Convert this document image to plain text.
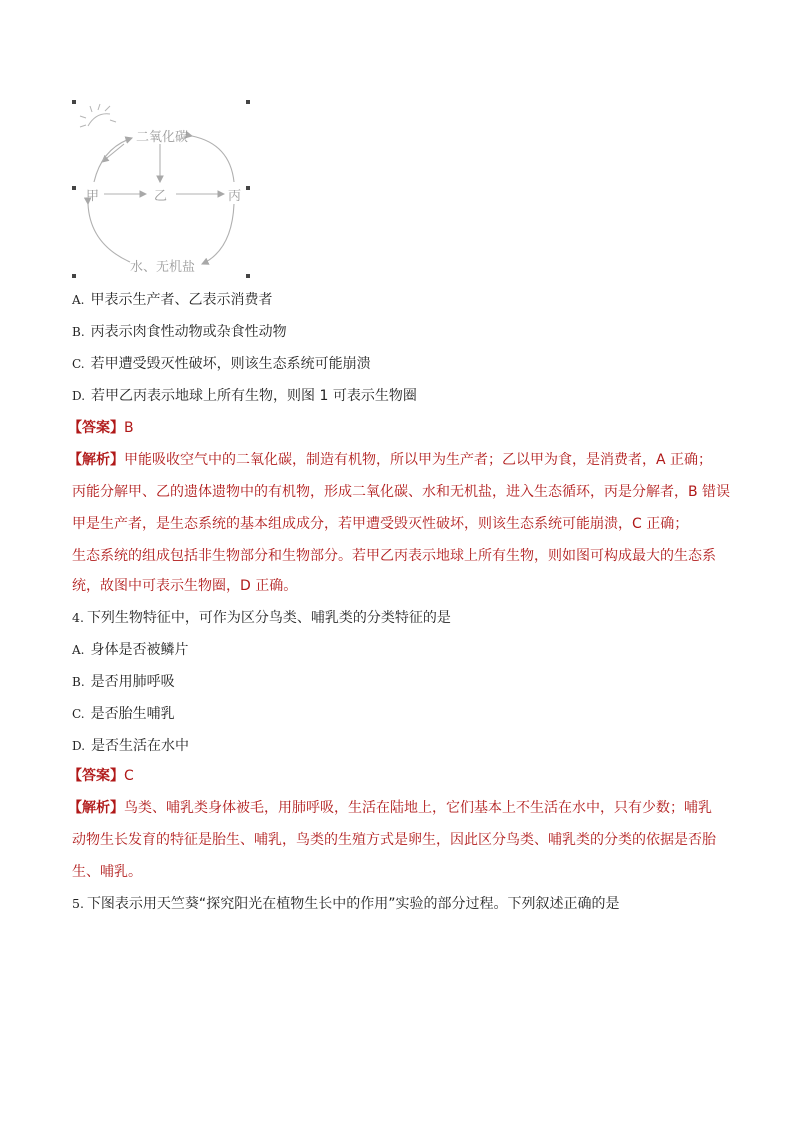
二氧化碳
甲	乙	丙
水、无机盐
A. 甲表示生产者、乙表示消费者
B. 丙表示肉食性动物或杂食性动物
C. 若甲遭受毁灭性破坏，则该生态系统可能崩溃
D. 若甲乙丙表示地球上所有生物，则图 1 可表示生物圈
【答案】B
【解析】甲能吸收空气中的二氧化碳，制造有机物，所以甲为生产者；乙以甲为食，是消费者，A 正确；
丙能分解甲、乙的遗体遗物中的有机物，形成二氧化碳、水和无机盐，进入生态循环，丙是分解者，B 错误
甲是生产者，是生态系统的基本组成成分，若甲遭受毁灭性破坏，则该生态系统可能崩溃，C 正确；
生态系统的组成包括非生物部分和生物部分。若甲乙丙表示地球上所有生物，则如图可构成最大的生态系
统，故图中可表示生物圈，D 正确。
4. 下列生物特征中，可作为区分鸟类、哺乳类的分类特征的是
A. 身体是否被鳞片
B. 是否用肺呼吸
C. 是否胎生哺乳
D. 是否生活在水中
【答案】C
【解析】鸟类、哺乳类身体被毛，用肺呼吸，生活在陆地上，它们基本上不生活在水中，只有少数；哺乳
动物生长发育的特征是胎生、哺乳，鸟类的生殖方式是卵生，因此区分鸟类、哺乳类的分类的依据是否胎
生、哺乳。
5. 下图表示用天竺葵“探究阳光在植物生长中的作用”实验的部分过程。下列叙述正确的是
